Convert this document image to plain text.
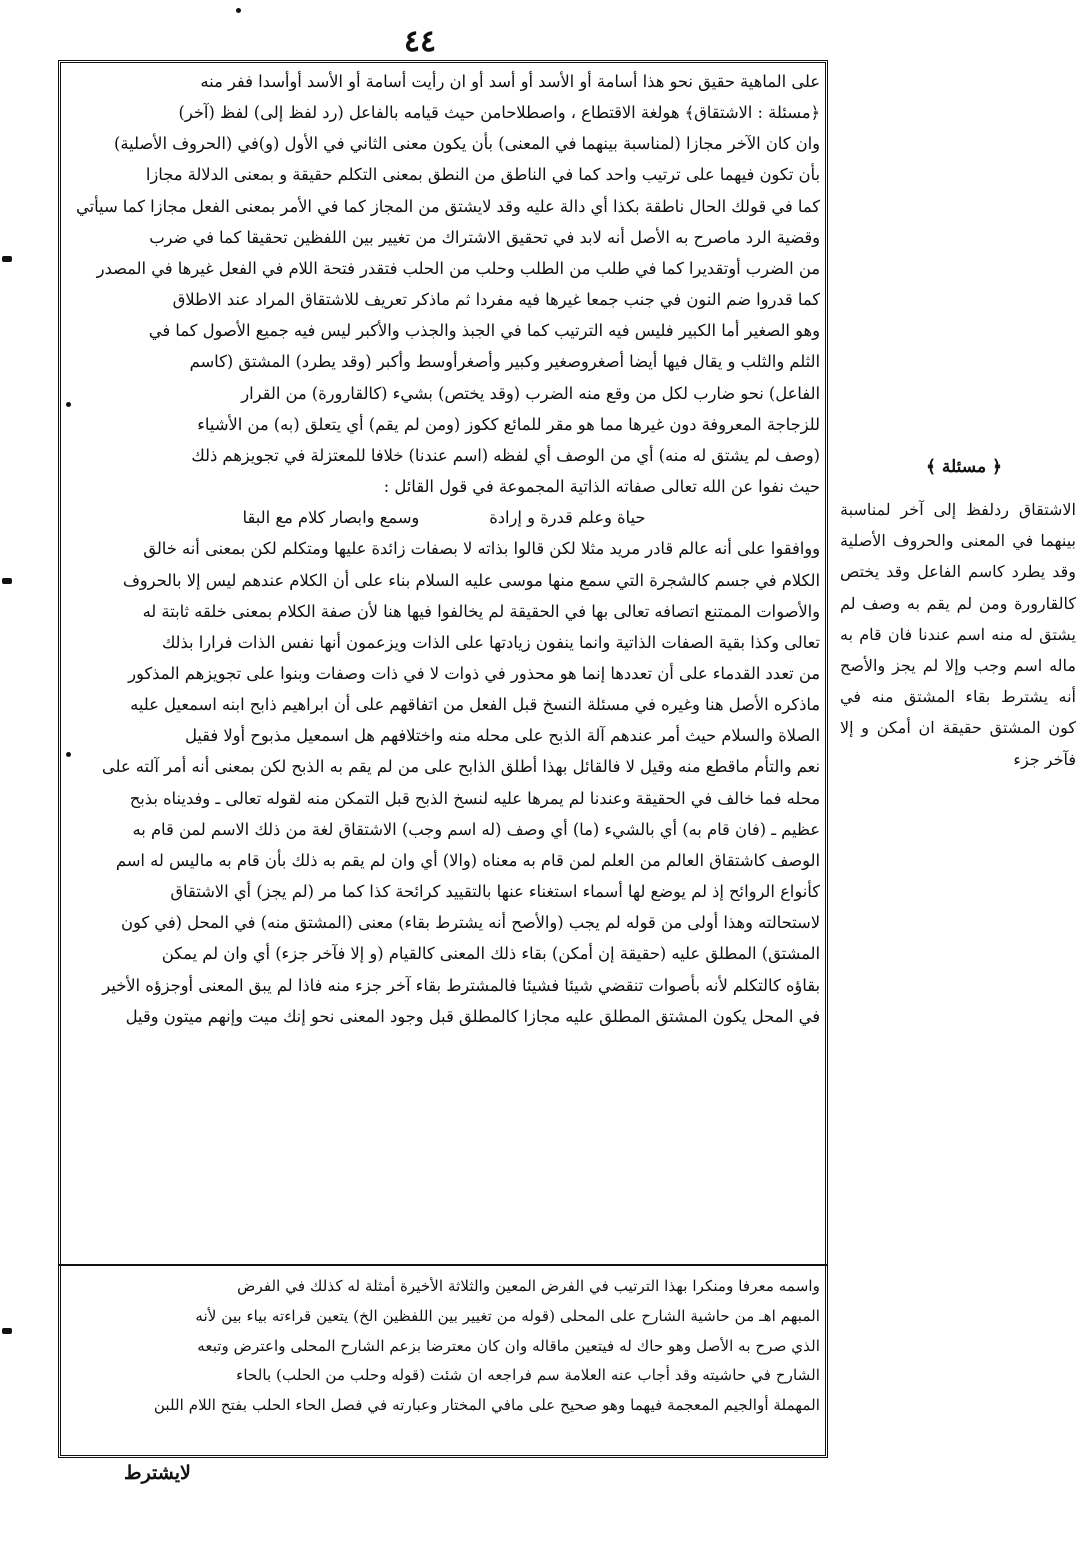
٤٤

على الماهية حقيق نحو هذا أسامة أو الأسد أو أسد أو ان رأيت أسامة أو الأسد أوأسدا ففر منه

﴿مسئلة : الاشتقاق﴾ هولغة الاقتطاع ، واصطلاحامن حيث قيامه بالفاعل (رد لفظ إلى) لفظ (آخر)

وان كان الآخر مجازا (لمناسبة بينهما في المعنى) بأن يكون معنى الثاني في الأول (و)في (الحروف الأصلية)

بأن تكون فيهما على ترتيب واحد كما في الناطق من النطق بمعنى التكلم حقيقة و بمعنى الدلالة مجازا

كما في قولك الحال ناطقة بكذا أي دالة عليه وقد لايشتق من المجاز كما في الأمر بمعنى الفعل مجازا كما سيأتي

وقضية الرد ماصرح به الأصل أنه لابد في تحقيق الاشتراك من تغيير بين اللفظين تحقيقا كما في ضرب

من الضرب أوتقديرا كما في طلب من الطلب وحلب من الحلب فتقدر فتحة اللام في الفعل غيرها في المصدر

كما قدروا ضم النون في جنب جمعا غيرها فيه مفردا ثم ماذكر تعريف للاشتقاق المراد عند الاطلاق

وهو الصغير أما الكبير فليس فيه الترتيب كما في الجبذ والجذب والأكبر ليس فيه جميع الأصول كما في

الثلم والثلب و يقال فيها أيضا أصغروصغير وكبير وأصغرأوسط وأكبر (وقد يطرد) المشتق (كاسم

الفاعل) نحو ضارب لكل من وقع منه الضرب (وقد يختص) بشيء (كالقارورة) من القرار

للزجاجة المعروفة دون غيرها مما هو مقر للمائع ككوز (ومن لم يقم) أي يتعلق (به) من الأشياء

(وصف لم يشتق له منه) أي من الوصف أي لفظه (اسم عندنا) خلافا للمعتزلة في تجويزهم ذلك

حيث نفوا عن الله تعالى صفاته الذاتية المجموعة في قول القائل :

حياة وعلم قدرة و إرادة
وسمع وابصار كلام مع البقا

ووافقوا على أنه عالم قادر مريد مثلا لكن قالوا بذاته لا بصفات زائدة عليها ومتكلم لكن بمعنى أنه خالق

الكلام في جسم كالشجرة التي سمع منها موسى عليه السلام بناء على أن الكلام عندهم ليس إلا بالحروف

والأصوات الممتنع اتصافه تعالى بها في الحقيقة لم يخالفوا فيها هنا لأن صفة الكلام بمعنى خلقه ثابتة له

تعالى وكذا بقية الصفات الذاتية وانما ينفون زيادتها على الذات ويزعمون أنها نفس الذات فرارا بذلك

من تعدد القدماء على أن تعددها إنما هو محذور في ذوات لا في ذات وصفات وبنوا على تجويزهم المذكور

ماذكره الأصل هنا وغيره في مسئلة النسخ قبل الفعل من اتفاقهم على أن ابراهيم ذابح ابنه اسمعيل عليه

الصلاة والسلام حيث أمر عندهم آلة الذبح على محله منه واختلافهم هل اسمعيل مذبوح أولا فقيل

نعم والتأم ماقطع منه وقيل لا فالقائل بهذا أطلق الذابح على من لم يقم به الذبح لكن بمعنى أنه أمر آلته على

محله فما خالف في الحقيقة وعندنا لم يمرها عليه لنسخ الذبح قبل التمكن منه لقوله تعالى ـ وفديناه بذبح

عظيم ـ (فان قام به) أي بالشيء (ما) أي وصف (له اسم وجب) الاشتقاق لغة من ذلك الاسم لمن قام به

الوصف كاشتقاق العالم من العلم لمن قام به معناه (والا) أي وان لم يقم به ذلك بأن قام به ماليس له اسم

كأنواع الروائح إذ لم يوضع لها أسماء استغناء عنها بالتقييد كرائحة كذا كما مر (لم يجز) أي الاشتقاق

لاستحالته وهذا أولى من قوله لم يجب (والأصح أنه يشترط بقاء) معنى (المشتق منه) في المحل (في كون

المشتق) المطلق عليه (حقيقة إن أمكن) بقاء ذلك المعنى كالقيام (و إلا فآخر جزء) أي وان لم يمكن

بقاؤه كالتكلم لأنه بأصوات تنقضي شيئا فشيئا فالمشترط بقاء آخر جزء منه فاذا لم يبق المعنى أوجزؤه الأخير

في المحل يكون المشتق المطلق عليه مجازا كالمطلق قبل وجود المعنى نحو إنك ميت وإنهم ميتون وقيل

واسمه معرفا ومنكرا بهذا الترتيب في الفرض المعين والثلاثة الأخيرة أمثلة له كذلك في الفرض
المبهم اهـ من حاشية الشارح على المحلى (قوله من تغيير بين اللفظين الخ) يتعين قراءته بياء بين لأنه
الذي صرح به الأصل وهو حاك له فيتعين ماقاله وان كان معترضا بزعم الشارح المحلى واعترض وتبعه
الشارح في حاشيته وقد أجاب عنه العلامة سم فراجعه ان شئت (قوله وحلب من الحلب) بالحاء
المهملة أوالجيم المعجمة فيهما وهو صحيح على مافي المختار وعبارته في فصل الحاء الحلب بفتح اللام اللبن
لايشترط
﴿ مسئلة ﴾
الاشتقاق ردلفظ إلى آخر لمناسبة بينهما في المعنى والحروف الأصلية وقد يطرد كاسم الفاعل وقد يختص كالقارورة ومن لم يقم به وصف لم يشتق له منه اسم عندنا فان قام به ماله اسم وجب وإلا لم يجز والأصح أنه يشترط بقاء المشتق منه في كون المشتق حقيقة ان أمكن و إلا فآخر جزء
